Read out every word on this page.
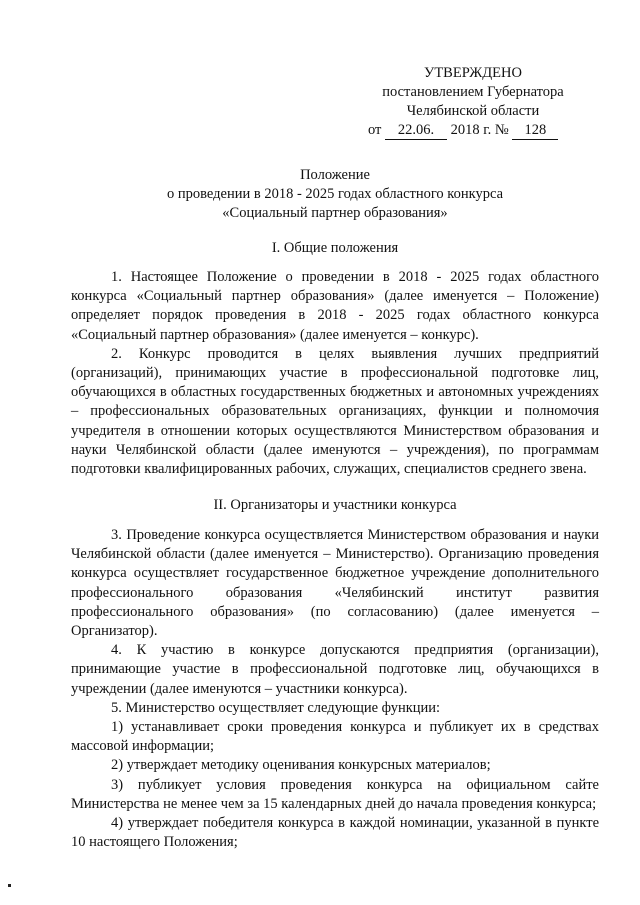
УТВЕРЖДЕНО
постановлением Губернатора
Челябинской области
от 22.06. 2018 г. № 128
Положение
о проведении в 2018 - 2025 годах областного конкурса
«Социальный партнер образования»
I. Общие положения

1. Настоящее Положение о проведении в 2018 - 2025 годах областного конкурса «Социальный партнер образования» (далее именуется – Положение) определяет порядок проведения в 2018 - 2025 годах областного конкурса «Социальный партнер образования» (далее именуется – конкурс).

2. Конкурс проводится в целях выявления лучших предприятий (организаций), принимающих участие в профессиональной подготовке лиц, обучающихся в областных государственных бюджетных и автономных учреждениях – профессиональных образовательных организациях, функции и полномочия учредителя в отношении которых осуществляются Министерством образования и науки Челябинской области (далее именуются – учреждения), по программам подготовки квалифицированных рабочих, служащих, специалистов среднего звена.

II. Организаторы и участники конкурса

3. Проведение конкурса осуществляется Министерством образования и науки Челябинской области (далее именуется – Министерство). Организацию проведения конкурса осуществляет государственное бюджетное учреждение дополнительного профессионального образования «Челябинский институт развития профессионального образования» (по согласованию) (далее именуется – Организатор).

4. К участию в конкурсе допускаются предприятия (организации), принимающие участие в профессиональной подготовке лиц, обучающихся в учреждении (далее именуются – участники конкурса).

5. Министерство осуществляет следующие функции:

1) устанавливает сроки проведения конкурса и публикует их в средствах массовой информации;

2) утверждает методику оценивания конкурсных материалов;

3) публикует условия проведения конкурса на официальном сайте Министерства не менее чем за 15 календарных дней до начала проведения конкурса;

4) утверждает победителя конкурса в каждой номинации, указанной в пункте 10 настоящего Положения;
